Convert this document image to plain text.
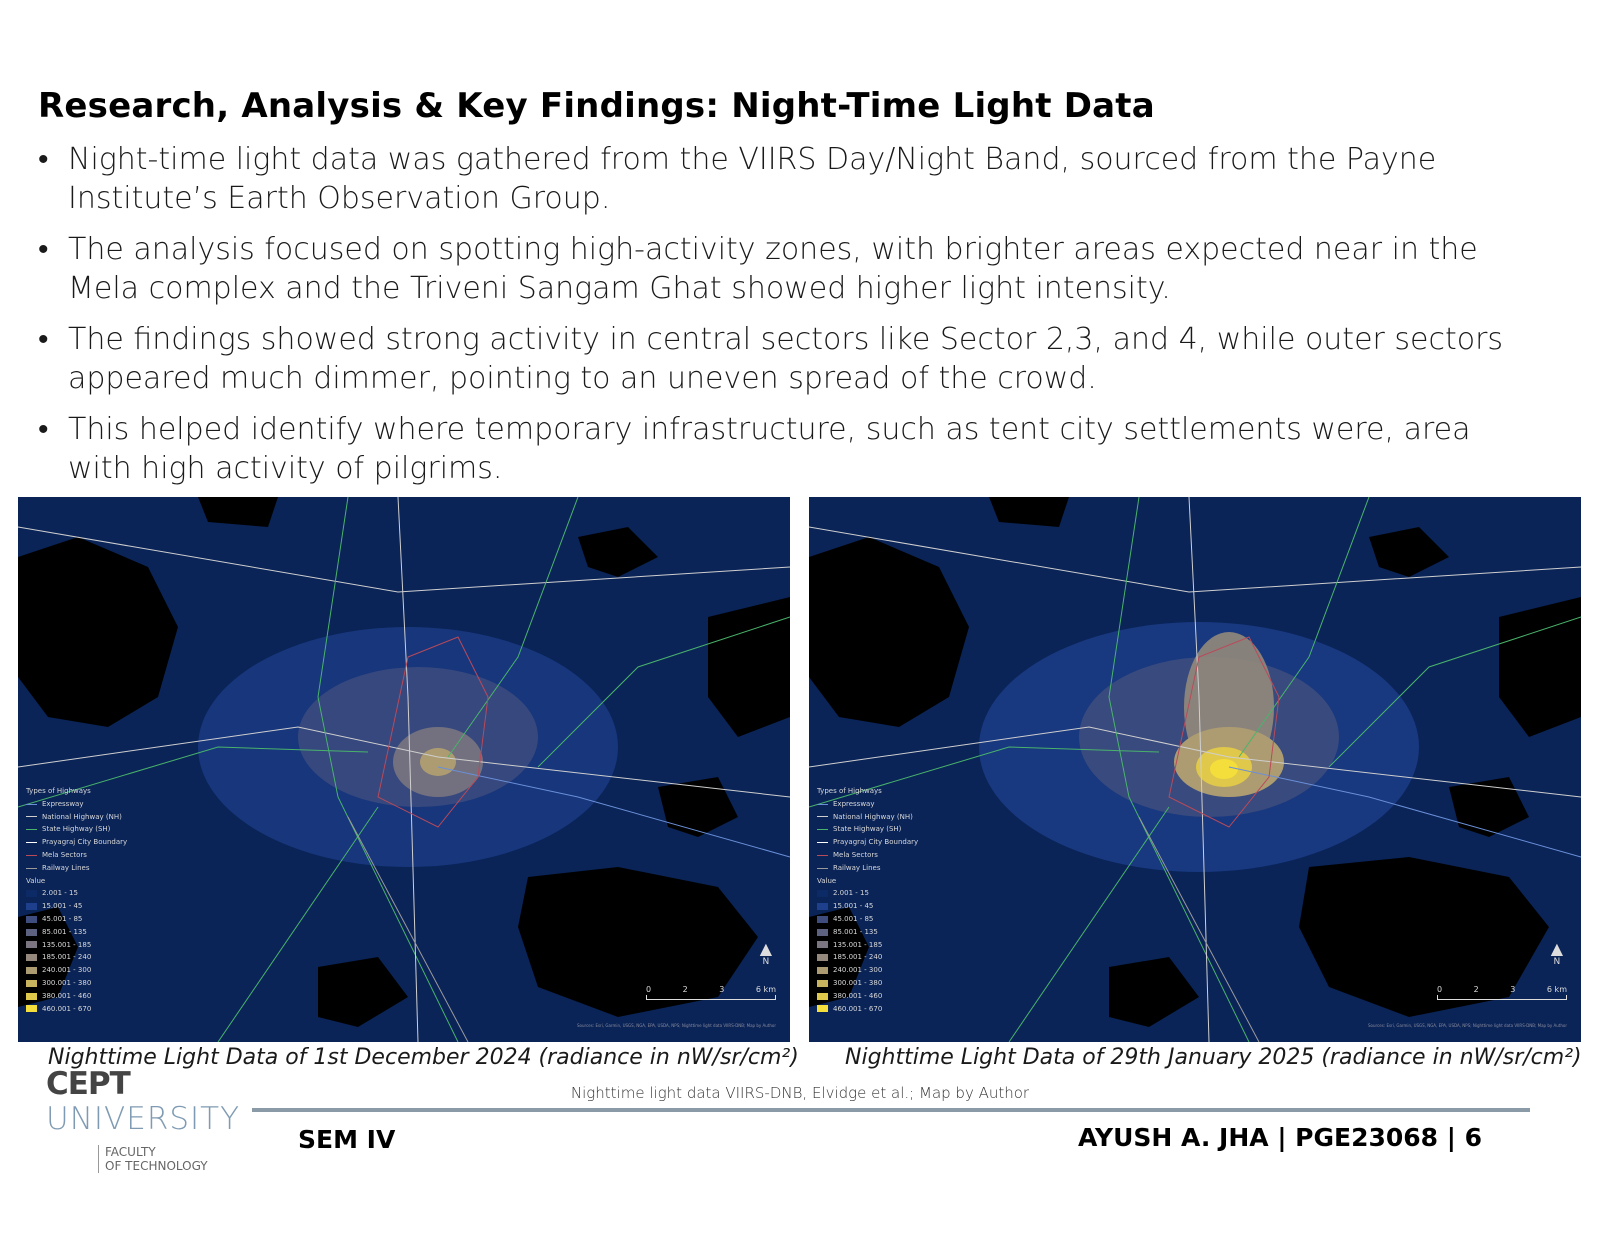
Research, Analysis & Key Findings: Night-Time Light Data
• Night-time light data was gathered from the VIIRS Day/Night Band, sourced from the Payne Institute’s Earth Observation Group.
• The analysis focused on spotting high-activity zones, with brighter areas expected near in the Mela complex and the Triveni Sangam Ghat showed higher light intensity.
• The findings showed strong activity in central sectors like Sector 2,3, and 4, while outer sectors appeared much dimmer, pointing to an uneven spread of the crowd.
• This helped identify where temporary infrastructure, such as tent city settlements were, area with high activity of pilgrims.
Types of Highways
Expressway
National Highway (NH)
State Highway (SH)
Prayagraj City Boundary
Mela Sectors
Railway Lines
Value
2.001 - 15
15.001 - 45
45.001 - 85
85.001 - 135
135.001 - 185
185.001 - 240
240.001 - 300
300.001 - 380
380.001 - 460
460.001 - 670
▲
N
0	2	3	6 km
Sources: Esri, Garmin, USGS, NGA, EPA, USDA, NPS; Nighttime light data VIIRS-DNB; Map by Author
Types of Highways
Expressway
National Highway (NH)
State Highway (SH)
Prayagraj City Boundary
Mela Sectors
Railway Lines
Value
2.001 - 15
15.001 - 45
45.001 - 85
85.001 - 135
135.001 - 185
185.001 - 240
240.001 - 300
300.001 - 380
380.001 - 460
460.001 - 670
▲
N
0	2	3	6 km
Sources: Esri, Garmin, USGS, NGA, EPA, USDA, NPS; Nighttime light data VIIRS-DNB; Map by Author
Nighttime Light Data of 1st December 2024 (radiance in nW/sr/cm²) Nighttime Light Data of 29th January 2025 (radiance in nW/sr/cm²)
Nighttime light data VIIRS-DNB, Elvidge et al.; Map by Author
CEPT
UNIVERSITY
FACULTY
OF TECHNOLOGY
SEM IV	AYUSH A. JHA | PGE23068 | 6
